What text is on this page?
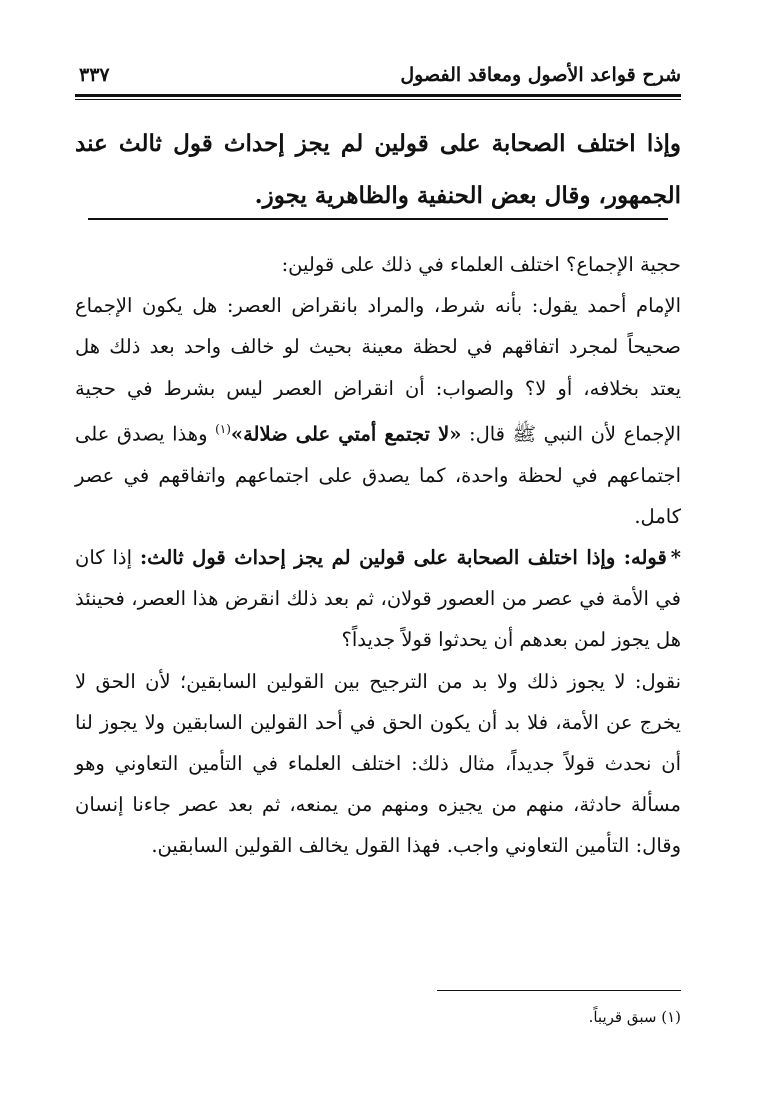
شرح قواعد الأصول ومعاقد الفصول
٣٣٧
وإذا اختلف الصحابة على قولين لم يجز إحداث قول ثالث عند الجمهور، وقال بعض الحنفية والظاهرية يجوز.

حجية الإجماع؟ اختلف العلماء في ذلك على قولين:

الإمام أحمد يقول: بأنه شرط، والمراد بانقراض العصر: هل يكون الإجماع صحيحاً لمجرد اتفاقهم في لحظة معينة بحيث لو خالف واحد بعد ذلك هل يعتد بخلافه، أو لا؟ والصواب: أن انقراض العصر ليس بشرط في حجية الإجماع لأن النبي ﷺ قال: «لا تجتمع أمتي على ضلالة»$^{(١)}$ وهذا يصدق على اجتماعهم في لحظة واحدة، كما يصدق على اجتماعهم واتفاقهم في عصر كامل.

*قوله: وإذا اختلف الصحابة على قولين لم يجز إحداث قول ثالث: إذا كان في الأمة في عصر من العصور قولان، ثم بعد ذلك انقرض هذا العصر، فحينئذ هل يجوز لمن بعدهم أن يحدثوا قولاً جديداً؟

نقول: لا يجوز ذلك ولا بد من الترجيح بين القولين السابقين؛ لأن الحق لا يخرج عن الأمة، فلا بد أن يكون الحق في أحد القولين السابقين ولا يجوز لنا أن نحدث قولاً جديداً، مثال ذلك: اختلف العلماء في التأمين التعاوني وهو مسألة حادثة، منهم من يجيزه ومنهم من يمنعه، ثم بعد عصر جاءنا إنسان وقال: التأمين التعاوني واجب. فهذا القول يخالف القولين السابقين.

(١) سبق قريباً.
